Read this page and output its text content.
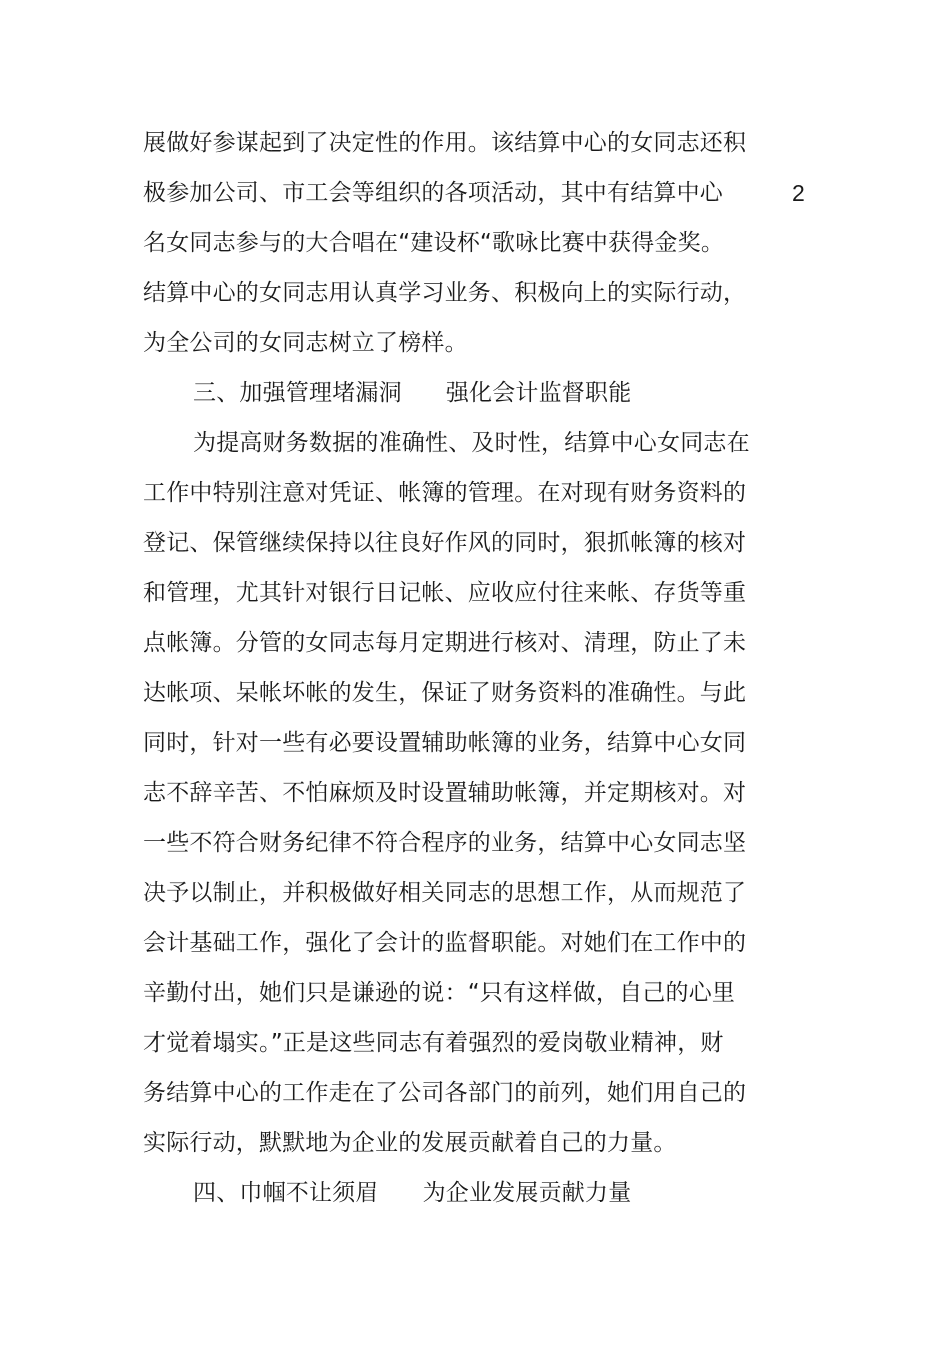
展做好参谋起到了决定性的作用。该结算中心的女同志还积
极参加公司、市工会等组织的各项活动，其中有结算中心	2
名女同志参与的大合唱在“建设杯“歌咏比赛中获得金奖。
结算中心的女同志用认真学习业务、积极向上的实际行动，
为全公司的女同志树立了榜样。
三、加强管理堵漏洞 强化会计监督职能
为提高财务数据的准确性、及时性，结算中心女同志在
工作中特别注意对凭证、帐簿的管理。在对现有财务资料的
登记、保管继续保持以往良好作风的同时，狠抓帐簿的核对
和管理，尤其针对银行日记帐、应收应付往来帐、存货等重
点帐簿。分管的女同志每月定期进行核对、清理，防止了未
达帐项、呆帐坏帐的发生，保证了财务资料的准确性。与此
同时，针对一些有必要设置辅助帐簿的业务，结算中心女同
志不辞辛苦、不怕麻烦及时设置辅助帐簿，并定期核对。对
一些不符合财务纪律不符合程序的业务，结算中心女同志坚
决予以制止，并积极做好相关同志的思想工作，从而规范了
会计基础工作，强化了会计的监督职能。对她们在工作中的
辛勤付出，她们只是谦逊的说：“只有这样做，自己的心里
才觉着塌实。”正是这些同志有着强烈的爱岗敬业精神，财
务结算中心的工作走在了公司各部门的前列，她们用自己的
实际行动，默默地为企业的发展贡献着自己的力量。
四、巾帼不让须眉 为企业发展贡献力量
